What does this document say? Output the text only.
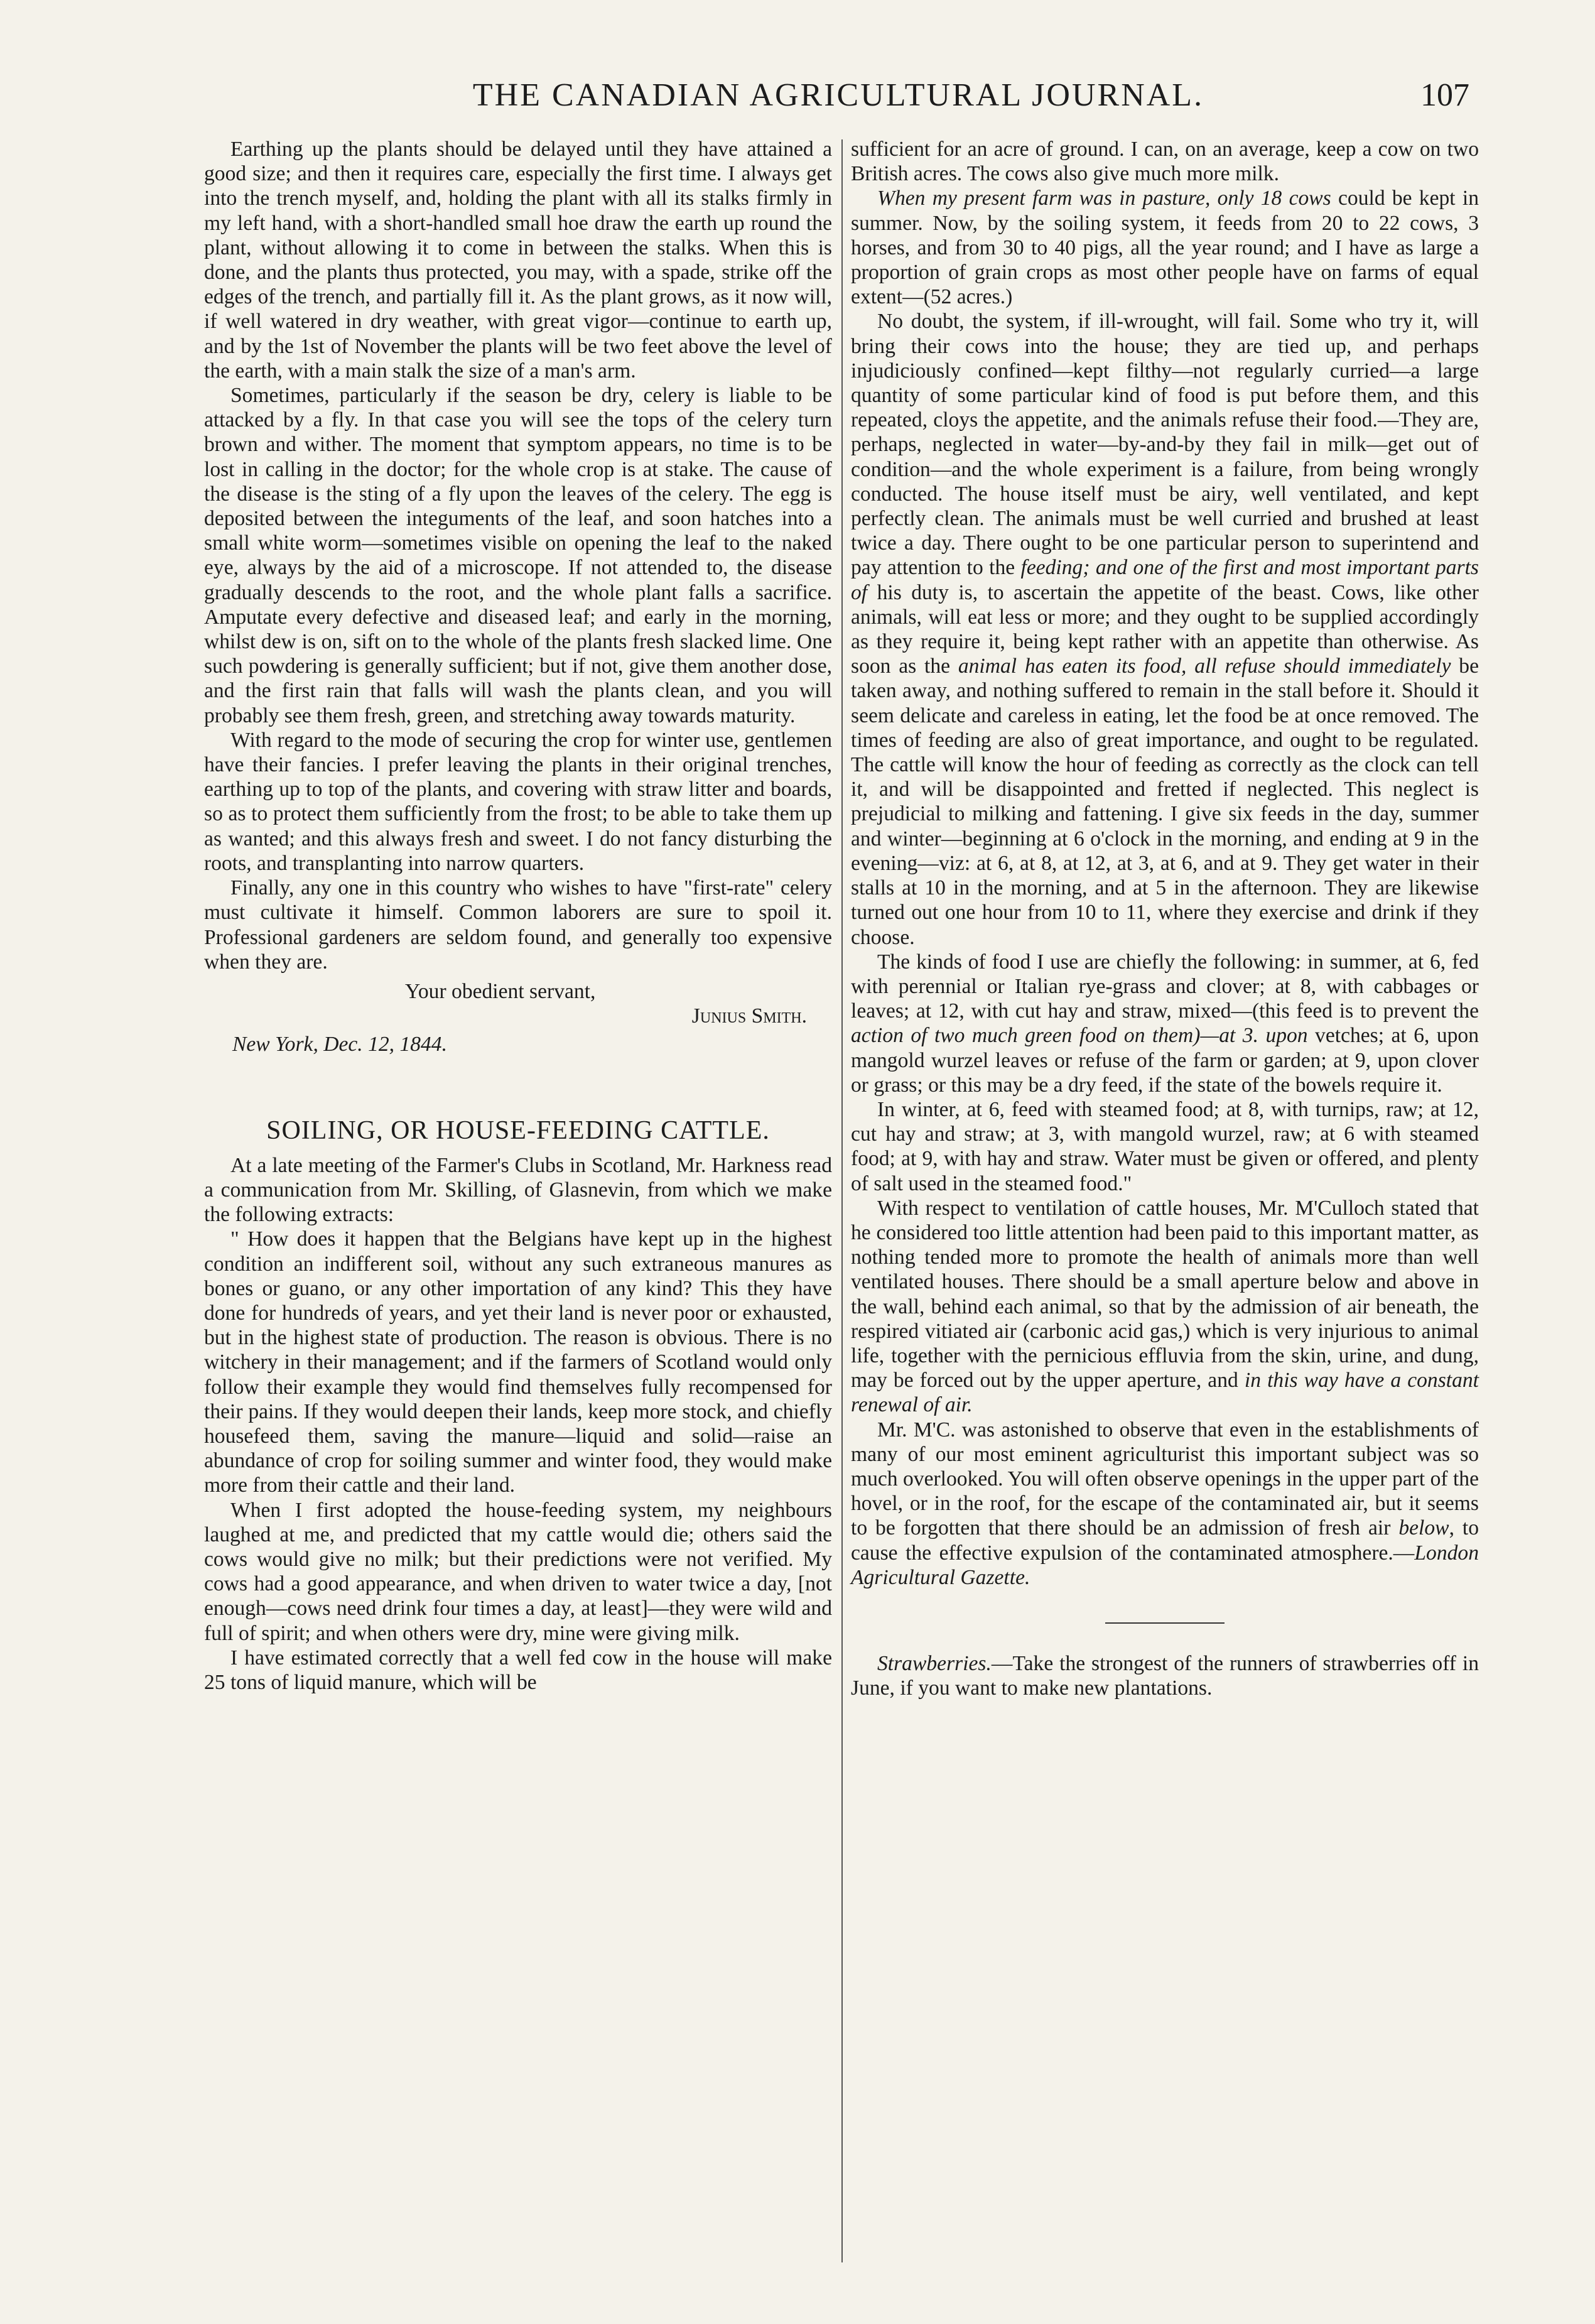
THE CANADIAN AGRICULTURAL JOURNAL.	107

Earthing up the plants should be delayed until they have attained a good size; and then it requires care, especially the first time. I always get into the trench myself, and, holding the plant with all its stalks firmly in my left hand, with a short-handled small hoe draw the earth up round the plant, without allowing it to come in between the stalks. When this is done, and the plants thus protected, you may, with a spade, strike off the edges of the trench, and partially fill it. As the plant grows, as it now will, if well watered in dry weather, with great vigor—continue to earth up, and by the 1st of November the plants will be two feet above the level of the earth, with a main stalk the size of a man's arm.

Sometimes, particularly if the season be dry, celery is liable to be attacked by a fly. In that case you will see the tops of the celery turn brown and wither. The moment that symptom appears, no time is to be lost in calling in the doctor; for the whole crop is at stake. The cause of the disease is the sting of a fly upon the leaves of the celery. The egg is deposited between the integuments of the leaf, and soon hatches into a small white worm—sometimes visible on opening the leaf to the naked eye, always by the aid of a microscope. If not attended to, the disease gradually descends to the root, and the whole plant falls a sacrifice. Amputate every defective and diseased leaf; and early in the morning, whilst dew is on, sift on to the whole of the plants fresh slacked lime. One such powdering is generally sufficient; but if not, give them another dose, and the first rain that falls will wash the plants clean, and you will probably see them fresh, green, and stretching away towards maturity.

With regard to the mode of securing the crop for winter use, gentlemen have their fancies. I prefer leaving the plants in their original trenches, earthing up to top of the plants, and covering with straw litter and boards, so as to protect them sufficiently from the frost; to be able to take them up as wanted; and this always fresh and sweet. I do not fancy disturbing the roots, and transplanting into narrow quarters.

Finally, any one in this country who wishes to have "first-rate" celery must cultivate it himself. Common laborers are sure to spoil it. Professional gardeners are seldom found, and generally too expensive when they are.

Your obedient servant,

Junius Smith.

New York, Dec. 12, 1844.

SOILING, OR HOUSE-FEEDING CATTLE.

At a late meeting of the Farmer's Clubs in Scotland, Mr. Harkness read a communication from Mr. Skilling, of Glasnevin, from which we make the following extracts:

" How does it happen that the Belgians have kept up in the highest condition an indifferent soil, without any such extraneous manures as bones or guano, or any other importation of any kind? This they have done for hundreds of years, and yet their land is never poor or exhausted, but in the highest state of production. The reason is obvious. There is no witchery in their management; and if the farmers of Scotland would only follow their example they would find themselves fully recompensed for their pains. If they would deepen their lands, keep more stock, and chiefly housefeed them, saving the manure—liquid and solid—raise an abundance of crop for soiling summer and winter food, they would make more from their cattle and their land.

When I first adopted the house-feeding system, my neighbours laughed at me, and predicted that my cattle would die; others said the cows would give no milk; but their predictions were not verified. My cows had a good appearance, and when driven to water twice a day, [not enough—cows need drink four times a day, at least]—they were wild and full of spirit; and when others were dry, mine were giving milk.

I have estimated correctly that a well fed cow in the house will make 25 tons of liquid manure, which will be

sufficient for an acre of ground. I can, on an average, keep a cow on two British acres. The cows also give much more milk.

When my present farm was in pasture, only 18 cows could be kept in summer. Now, by the soiling system, it feeds from 20 to 22 cows, 3 horses, and from 30 to 40 pigs, all the year round; and I have as large a proportion of grain crops as most other people have on farms of equal extent—(52 acres.)

No doubt, the system, if ill-wrought, will fail. Some who try it, will bring their cows into the house; they are tied up, and perhaps injudiciously confined—kept filthy—not regularly curried—a large quantity of some particular kind of food is put before them, and this repeated, cloys the appetite, and the animals refuse their food.—They are, perhaps, neglected in water—by-and-by they fail in milk—get out of condition—and the whole experiment is a failure, from being wrongly conducted. The house itself must be airy, well ventilated, and kept perfectly clean. The animals must be well curried and brushed at least twice a day. There ought to be one particular person to superintend and pay attention to the feeding; and one of the first and most important parts of his duty is, to ascertain the appetite of the beast. Cows, like other animals, will eat less or more; and they ought to be supplied accordingly as they require it, being kept rather with an appetite than otherwise. As soon as the animal has eaten its food, all refuse should immediately be taken away, and nothing suffered to remain in the stall before it. Should it seem delicate and careless in eating, let the food be at once removed. The times of feeding are also of great importance, and ought to be regulated. The cattle will know the hour of feeding as correctly as the clock can tell it, and will be disappointed and fretted if neglected. This neglect is prejudicial to milking and fattening. I give six feeds in the day, summer and winter—beginning at 6 o'clock in the morning, and ending at 9 in the evening—viz: at 6, at 8, at 12, at 3, at 6, and at 9. They get water in their stalls at 10 in the morning, and at 5 in the afternoon. They are likewise turned out one hour from 10 to 11, where they exercise and drink if they choose.

The kinds of food I use are chiefly the following: in summer, at 6, fed with perennial or Italian rye-grass and clover; at 8, with cabbages or leaves; at 12, with cut hay and straw, mixed—(this feed is to prevent the action of two much green food on them)—at 3. upon vetches; at 6, upon mangold wurzel leaves or refuse of the farm or garden; at 9, upon clover or grass; or this may be a dry feed, if the state of the bowels require it.

In winter, at 6, feed with steamed food; at 8, with turnips, raw; at 12, cut hay and straw; at 3, with mangold wurzel, raw; at 6 with steamed food; at 9, with hay and straw. Water must be given or offered, and plenty of salt used in the steamed food."

With respect to ventilation of cattle houses, Mr. M'Culloch stated that he considered too little attention had been paid to this important matter, as nothing tended more to promote the health of animals more than well ventilated houses. There should be a small aperture below and above in the wall, behind each animal, so that by the admission of air beneath, the respired vitiated air (carbonic acid gas,) which is very injurious to animal life, together with the pernicious effluvia from the skin, urine, and dung, may be forced out by the upper aperture, and in this way have a constant renewal of air.

Mr. M'C. was astonished to observe that even in the establishments of many of our most eminent agriculturist this important subject was so much overlooked. You will often observe openings in the upper part of the hovel, or in the roof, for the escape of the contaminated air, but it seems to be forgotten that there should be an admission of fresh air below, to cause the effective expulsion of the contaminated atmosphere.—London Agricultural Gazette.

Strawberries.—Take the strongest of the runners of strawberries off in June, if you want to make new plantations.
